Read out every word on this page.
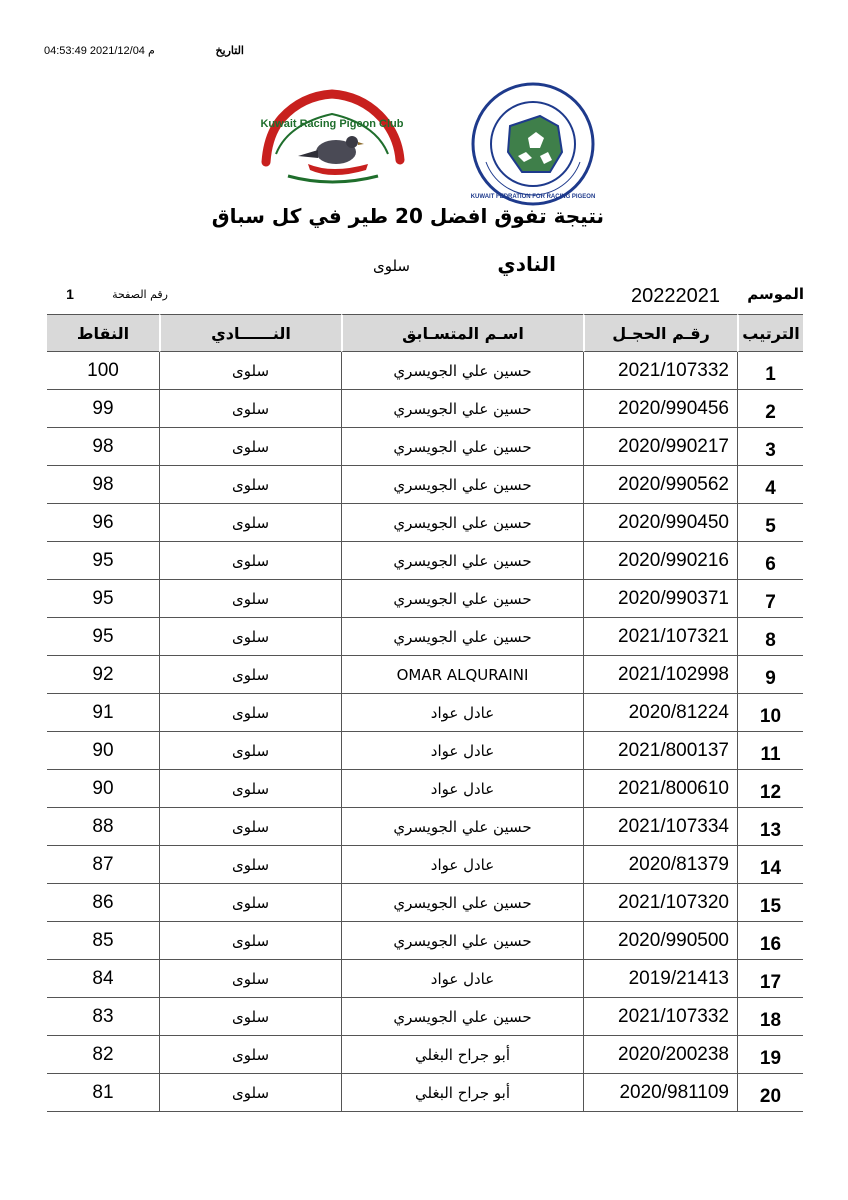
04:53:49 2021/12/04 م	التاريخ
Kuwait Racing Pigeon Club
KUWAIT FEDRATION FOR RACING PIGEON
نتيجة تفوق افضل 20 طير في كل سباق
النادي
سلوى
الموسم
20222021
رقم الصفحة
1
النقاط	النــــــادي	اسـم المتسـابق	رقـم الحجـل	الترتيب
100	سلوى	حسين علي الجويسري	2021/107332	1
99	سلوى	حسين علي الجويسري	2020/990456	2
98	سلوى	حسين علي الجويسري	2020/990217	3
98	سلوى	حسين علي الجويسري	2020/990562	4
96	سلوى	حسين علي الجويسري	2020/990450	5
95	سلوى	حسين علي الجويسري	2020/990216	6
95	سلوى	حسين علي الجويسري	2020/990371	7
95	سلوى	حسين علي الجويسري	2021/107321	8
92	سلوى	OMAR ALQURAINI	2021/102998	9
91	سلوى	عادل عواد	2020/81224	10
90	سلوى	عادل عواد	2021/800137	11
90	سلوى	عادل عواد	2021/800610	12
88	سلوى	حسين علي الجويسري	2021/107334	13
87	سلوى	عادل عواد	2020/81379	14
86	سلوى	حسين علي الجويسري	2021/107320	15
85	سلوى	حسين علي الجويسري	2020/990500	16
84	سلوى	عادل عواد	2019/21413	17
83	سلوى	حسين علي الجويسري	2021/107332	18
82	سلوى	أبو جراح البغلي	2020/200238	19
81	سلوى	أبو جراح البغلي	2020/981109	20
